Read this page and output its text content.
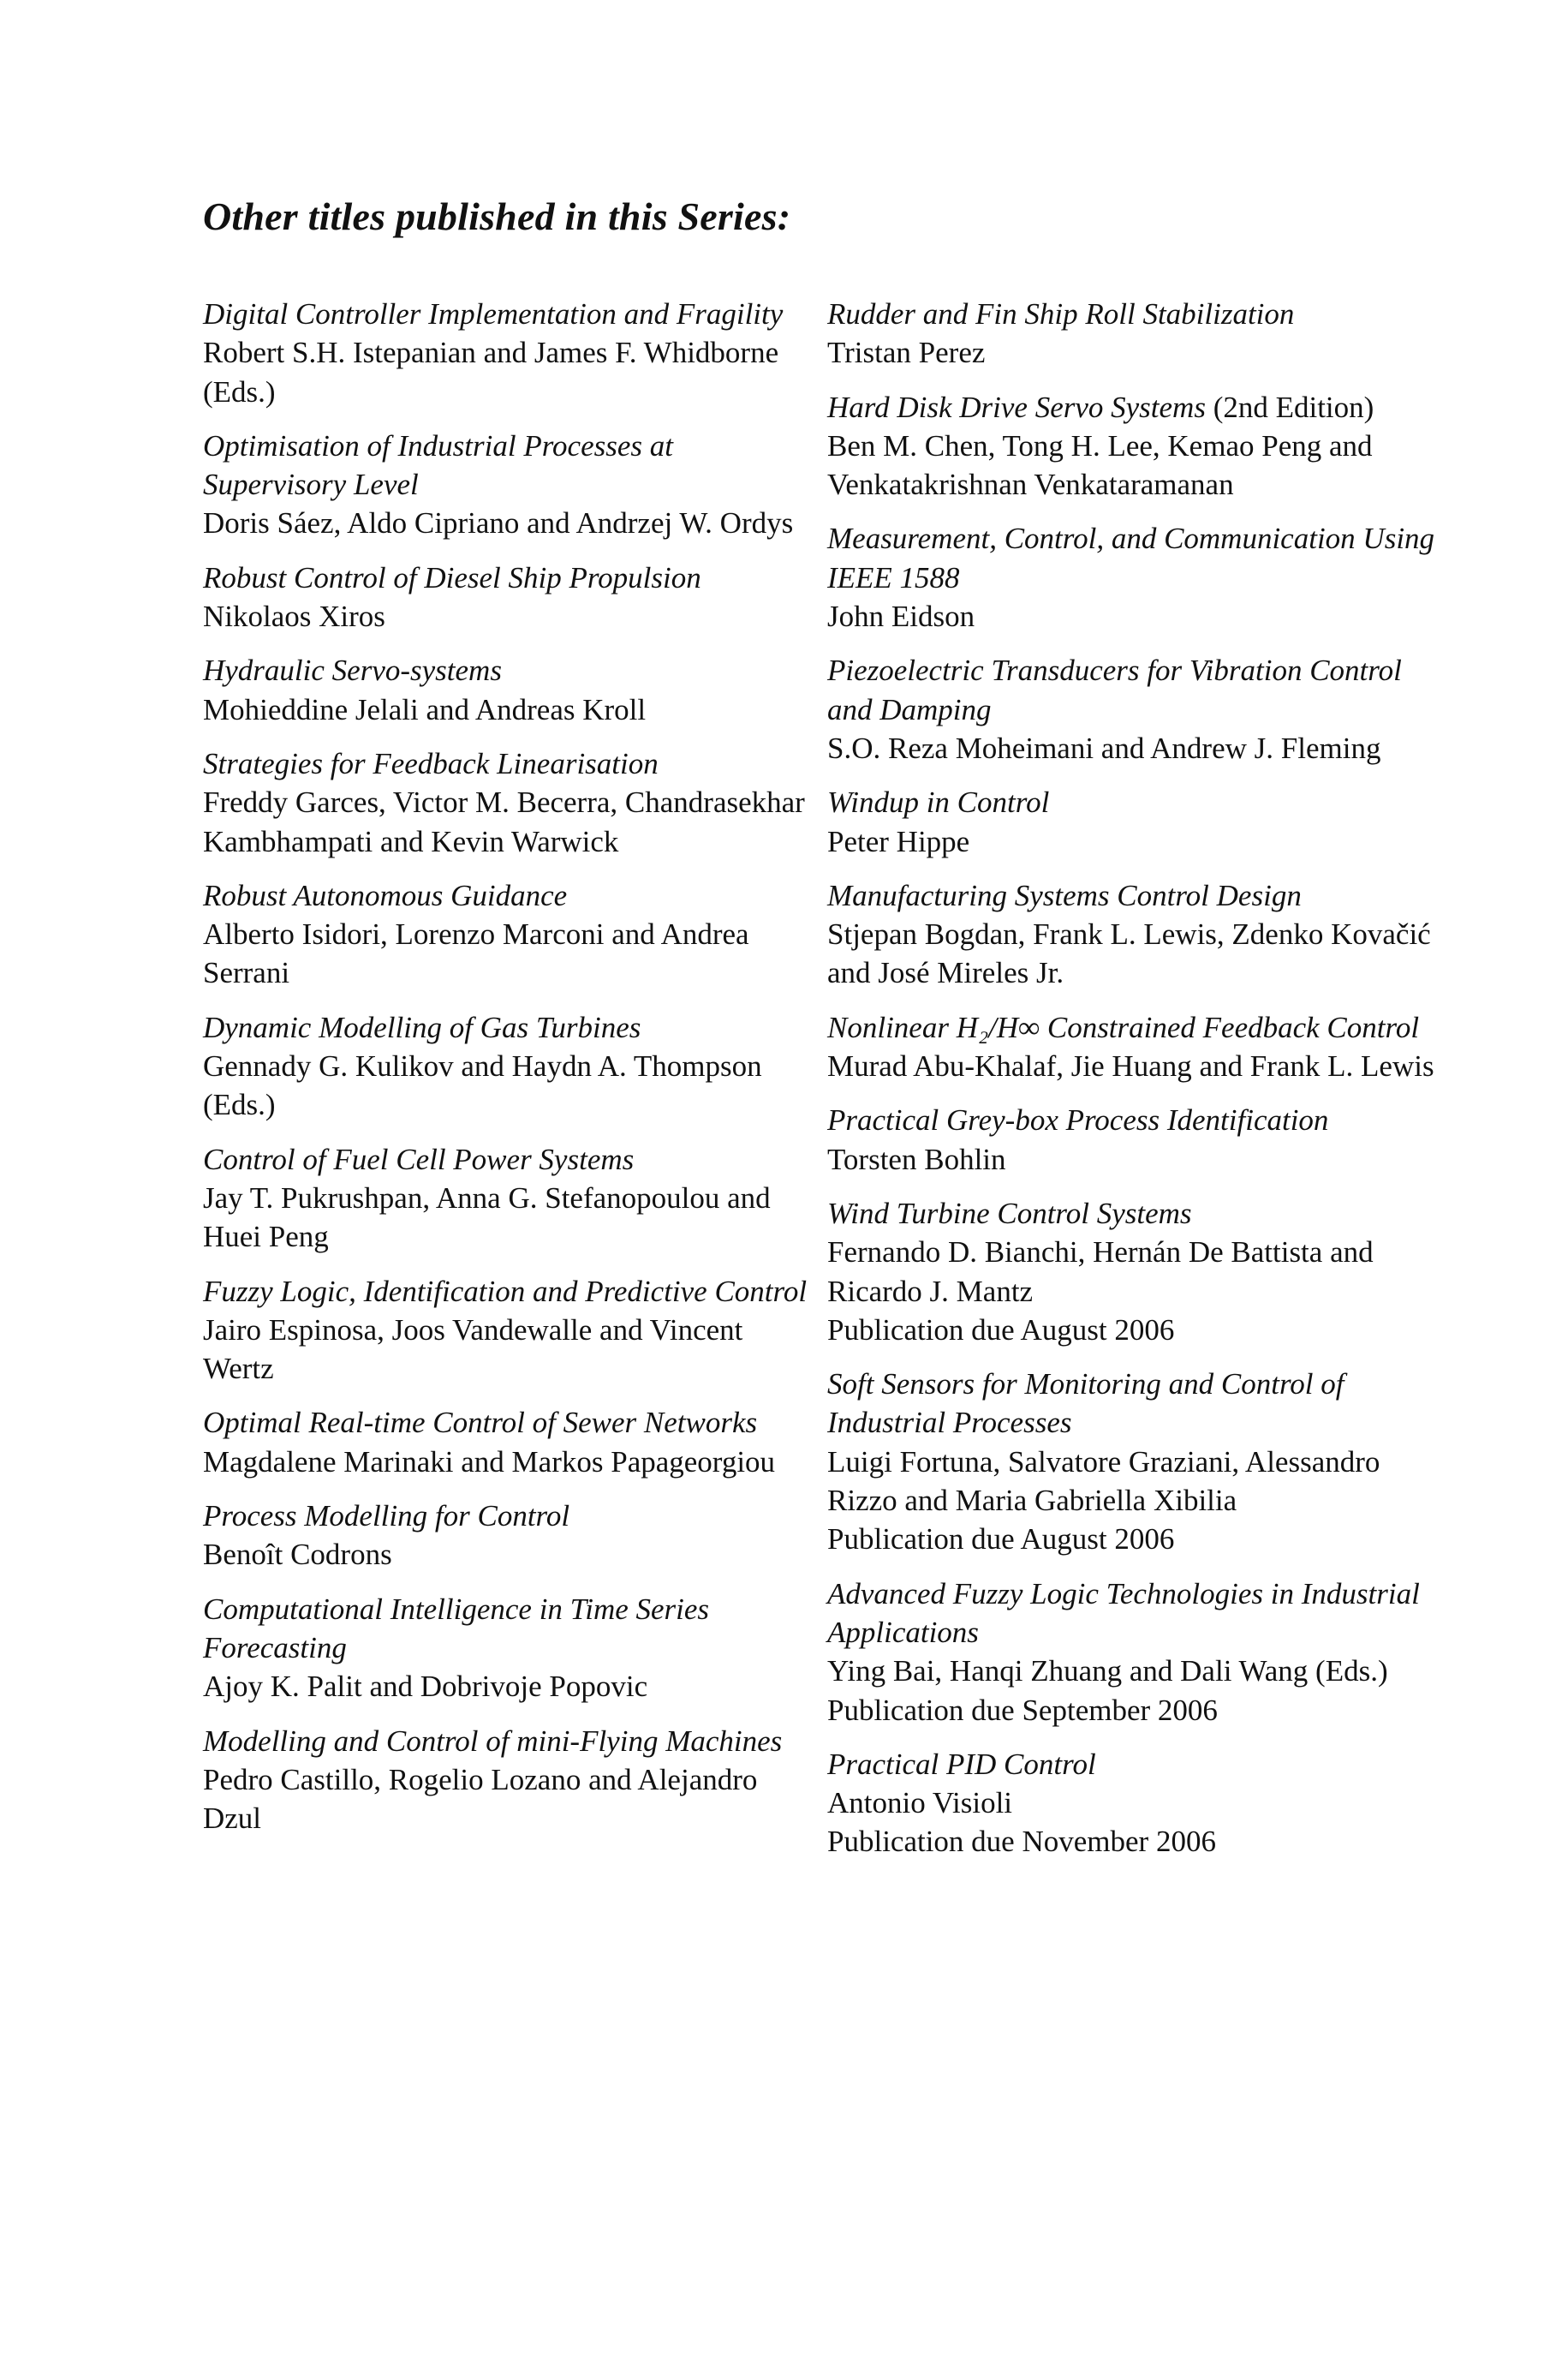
Other titles published in this Series:
Digital Controller Implementation and Fragility
Robert S.H. Istepanian and James F. Whidborne (Eds.)
Optimisation of Industrial Processes at Supervisory Level
Doris Sáez, Aldo Cipriano and Andrzej W. Ordys
Robust Control of Diesel Ship Propulsion
Nikolaos Xiros
Hydraulic Servo-systems
Mohieddine Jelali and Andreas Kroll
Strategies for Feedback Linearisation
Freddy Garces, Victor M. Becerra, Chandrasekhar Kambhampati and Kevin Warwick
Robust Autonomous Guidance
Alberto Isidori, Lorenzo Marconi and Andrea Serrani
Dynamic Modelling of Gas Turbines
Gennady G. Kulikov and Haydn A. Thompson (Eds.)
Control of Fuel Cell Power Systems
Jay T. Pukrushpan, Anna G. Stefanopoulou and Huei Peng
Fuzzy Logic, Identification and Predictive Control
Jairo Espinosa, Joos Vandewalle and Vincent Wertz
Optimal Real-time Control of Sewer Networks
Magdalene Marinaki and Markos Papageorgiou
Process Modelling for Control
Benoît Codrons
Computational Intelligence in Time Series Forecasting
Ajoy K. Palit and Dobrivoje Popovic
Modelling and Control of mini-Flying Machines
Pedro Castillo, Rogelio Lozano and Alejandro Dzul
Rudder and Fin Ship Roll Stabilization
Tristan Perez
Hard Disk Drive Servo Systems (2nd Edition)
Ben M. Chen, Tong H. Lee, Kemao Peng and Venkatakrishnan Venkataramanan
Measurement, Control, and Communication Using IEEE 1588
John Eidson
Piezoelectric Transducers for Vibration Control and Damping
S.O. Reza Moheimani and Andrew J. Fleming
Windup in Control
Peter Hippe
Manufacturing Systems Control Design
Stjepan Bogdan, Frank L. Lewis, Zdenko Kovačić and José Mireles Jr.
Nonlinear H₂/H∞ Constrained Feedback Control
Murad Abu-Khalaf, Jie Huang and Frank L. Lewis
Practical Grey-box Process Identification
Torsten Bohlin
Wind Turbine Control Systems
Fernando D. Bianchi, Hernán De Battista and Ricardo J. Mantz
Publication due August 2006
Soft Sensors for Monitoring and Control of Industrial Processes
Luigi Fortuna, Salvatore Graziani, Alessandro Rizzo and Maria Gabriella Xibilia
Publication due August 2006
Advanced Fuzzy Logic Technologies in Industrial Applications
Ying Bai, Hanqi Zhuang and Dali Wang (Eds.)
Publication due September 2006
Practical PID Control
Antonio Visioli
Publication due November 2006
